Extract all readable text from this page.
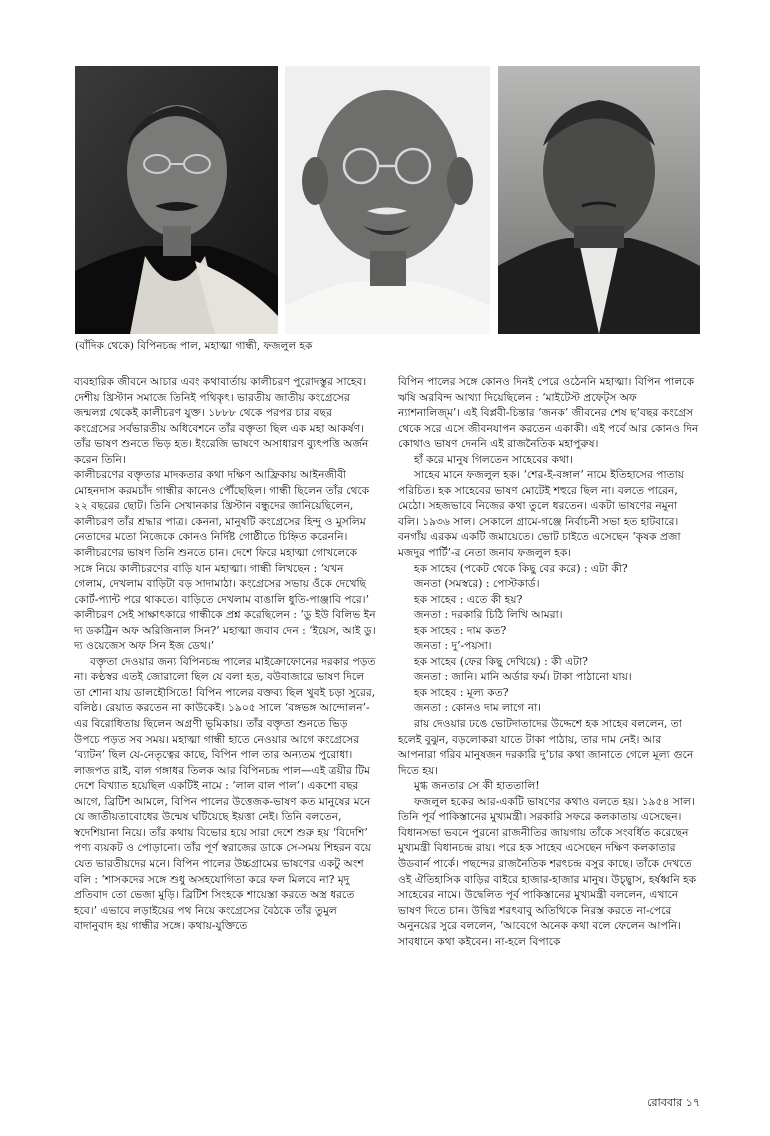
(বাঁদিক থেকে) বিপিনচন্দ্র পাল, মহাত্মা গান্ধী, ফজলুল হক

ব্যবহারিক জীবনে আচার এবং কথাবার্তায় কালীচরণ পুরোদস্তুর সাহেব। দেশীয় খ্রিস্টান সমাজে তিনিই পথিকৃৎ। ভারতীয় জাতীয় কংগ্রেসের জন্মলগ্ন থেকেই কালীচরণ যুক্ত। ১৮৮৮ থেকে পরপর চার বছর কংগ্রেসের সর্বভারতীয় অধিবেশনে তাঁর বক্তৃতা ছিল এক মহা আকর্ষণ। তাঁর ভাষণ শুনতে ভিড় হত। ইংরেজি ভাষণে অসাধারণ ব্যুৎপত্তি অর্জন করেন তিনি।

কালীচরণের বক্তৃতার মাদকতার কথা দক্ষিণ আফ্রিকায় আইনজীবী মোহনদাস করমচাঁদ গান্ধীর কানেও পৌঁছেছিল। গান্ধী ছিলেন তাঁর থেকে ২২ বছরের ছোট। তিনি সেখানকার খ্রিস্টান বন্ধুদের জানিয়েছিলেন, কালীচরণ তাঁর শ্রদ্ধার পাত্র। কেননা, মানুষটি কংগ্রেসের হিন্দু ও মুসলিম নেতাদের মতো নিজেকে কোনও নির্দিষ্ট গোষ্ঠীতে চিহ্নিত করেননি। কালীচরণের ভাষণ তিনি শুনতে চান। দেশে ফিরে মহাত্মা গোখলেকে সঙ্গে নিয়ে কালীচরণের বাড়ি যান মহাত্মা। গান্ধী লিখছেন : ‘যখন গেলাম, দেখলাম বাড়িটা বড় সাদামাঠা। কংগ্রেসের সভায় ওঁকে দেখেছি কোর্ট-প্যান্ট পরে থাকতে। বাড়িতে দেখলাম বাঙালি ধুতি-পাঞ্জাবি পরে।’ কালীচরণ সেই সাক্ষাৎকারে গান্ধীকে প্রশ্ন করেছিলেন : ‘ডু ইউ বিলিভ ইন দ্য ডকট্রিন অফ অরিজিনাল সিন?’ মহাত্মা জবাব দেন : ‘ইয়েস, আই ডু। দ্য ওয়েজেস অফ সিন ইজ ডেথ।’

বক্তৃতা দেওয়ার জন্য বিপিনচন্দ্র পালের মাইক্রোফোনের দরকার পড়ত না। কণ্ঠস্বর এতই জোরালো ছিল যে বলা হত, বউবাজারে ভাষণ দিলে তা শোনা যায় ডালহৌসিতে! বিপিন পালের বক্তব্য ছিল খুবই চড়া সুরের, বলিষ্ঠ। রেয়াত করতেন না কাউকেই। ১৯০৫ সালে ‘বঙ্গভঙ্গ আন্দোলন’-এর বিরোধিতায় ছিলেন অগ্রণী ভূমিকায়। তাঁর বক্তৃতা শুনতে ভিড় উপচে পড়ত সব সময়। মহাত্মা গান্ধী হাতে নেওয়ার আগে কংগ্রেসের ‘ব্যাটন’ ছিল যে-নেতৃত্বের কাছে, বিপিন পাল তার অন্যতম পুরোধা। লাজপত রাই, বাল গঙ্গাধর তিলক আর বিপিনচন্দ্র পাল—এই ত্রয়ীর টিম দেশে বিখ্যাত হয়েছিল একটিই নামে : ‘লাল বাল পাল’। একশো বছর আগে, ব্রিটিশ আমলে, বিপিন পালের উত্তেজক-ভাষণ কত মানুষের মনে যে জাতীয়তাবোধের উন্মেষ ঘটিয়েছে ইয়ত্তা নেই। তিনি বলতেন, স্বদেশিয়ানা নিয়ে। তাঁর কথায় বিভোর হয়ে সারা দেশে শুরু হয় ‘বিদেশি’ পণ্য ব্যয়কট ও পোড়ানো। তাঁর পূর্ণ স্বরাজের ডাকে সে-সময় শিহরন বয়ে যেত ভারতীয়দের মনে। বিপিন পালের উচ্চগ্রামের ভাষণের একটু অংশ বলি : ‘শাসকদের সঙ্গে শুধু অসহযোগিতা করে ফল মিলবে না? মৃদু প্রতিবাদ তো ভেজা মুড়ি। ব্রিটিশ সিংহকে শায়েস্তা করতে অস্ত্র ধরতে হবে।’ এভাবে লড়াইয়ের পথ নিয়ে কংগ্রেসের বৈঠকে তাঁর তুমুল বাদানুবাদ হয় গান্ধীর সঙ্গে। কথায়-যুক্তিতে

বিপিন পালের সঙ্গে কোনও দিনই পেরে ওঠেননি মহাত্মা। বিপিন পালকে ঋষি অরবিন্দ আখ্যা দিয়েছিলেন : ‘মাইটেস্ট প্রফেট্স অফ ন্যাশনালিজ্‌ম’। এই বিপ্লবী-চিন্তার ‘জনক’ জীবনের শেষ ছ’বছর কংগ্রেস থেকে সরে এসে জীবনযাপন করতেন একাকী। এই পর্বে আর কোনও দিন কোথাও ভাষণ দেননি এই রাজনৈতিক মহাপুরুষ।

হাঁ করে মানুষ গিলতেন সাহেবের কথা।

সাহেব মানে ফজলুল হক। ‘শের-ই-বঙ্গাল’ নামে ইতিহাসের পাতায় পরিচিত। হক সাহেবের ভাষণ মোটেই শহুরে ছিল না। বলতে পারেন, মেঠো। সহজভাবে নিজের কথা তুলে ধরতেন। একটা ভাষণের নমুনা বলি। ১৯৩৬ সাল। সেকালে গ্রামে-গঞ্জে নির্বাচনী সভা হত হাটবারে। বনগাঁয় এরকম একটি জমায়েতে। ভোট চাইতে এসেছেন ‘কৃষক প্রজা মজদুর পার্টি’-র নেতা জনাব ফজলুল হক।

হক সাহেব (পকেট থেকে কিছু বের করে) : এটা কী?

জনতা (সমস্বরে) : পোস্টকার্ড।

হক সাহেব : এতে কী হয়?

জনতা : দরকারি চিঠি লিখি আমরা।

হক সাহেব : দাম কত?

জনতা : দু’-পয়সা।

হক সাহেব (ফের কিছু দেখিয়ে) : কী এটা?

জনতা : জানি। মানি অর্ডার ফর্ম। টাকা পাঠানো যায়।

হক সাহেব : মূল্য কত?

জনতা : কোনও দাম লাগে না।

রায় দেওয়ার ঢঙে ভোটদাতাদের উদ্দেশে হক সাহেব বললেন, তা হলেই বুঝুন, বড়লোকরা যাতে টাকা পাঠায়, তার দাম নেই। আর আপনারা গরিব মানুষজন দরকারি দু’চার কথা জানাতে গেলে মূল্য গুনে দিতে হয়।

মুগ্ধ জনতার সে কী হাততালি!

ফজলুল হকের আর-একটি ভাষণের কথাও বলতে হয়। ১৯৫৪ সাল। তিনি পূর্ব পাকিস্তানের মুখ্যমন্ত্রী। সরকারি সফরে কলকাতায় এসেছেন। বিধানসভা ভবনে পুরনো রাজনীতির জায়গায় তাঁকে সংবর্ধিত করেছেন মুখ্যমন্ত্রী বিধানচন্দ্র রায়। পরে হক সাহেব এসেছেন দক্ষিণ কলকাতার উডবার্ন পার্কে। পছন্দের রাজনৈতিক শরৎচন্দ্র বসুর কাছে। তাঁকে দেখতে ওই ঐতিহাসিক বাড়ির বাইরে হাজার-হাজার মানুষ। উচ্ছ্বাস, হর্ষধ্বনি হক সাহেবের নামে। উদ্বেলিত পূর্ব পাকিস্তানের মুখ্যমন্ত্রী বললেন, এখানে ভাষণ দিতে চান। উদ্বিগ্ন শরৎবাবু অতিথিকে নিরস্ত করতে না-পেরে অনুনয়ের সুরে বললেন, ‘আবেগে অনেক কথা বলে ফেলেন আপনি। সাবধানে কথা কইবেন। না-হলে বিপাকে

রোববার ১৭
